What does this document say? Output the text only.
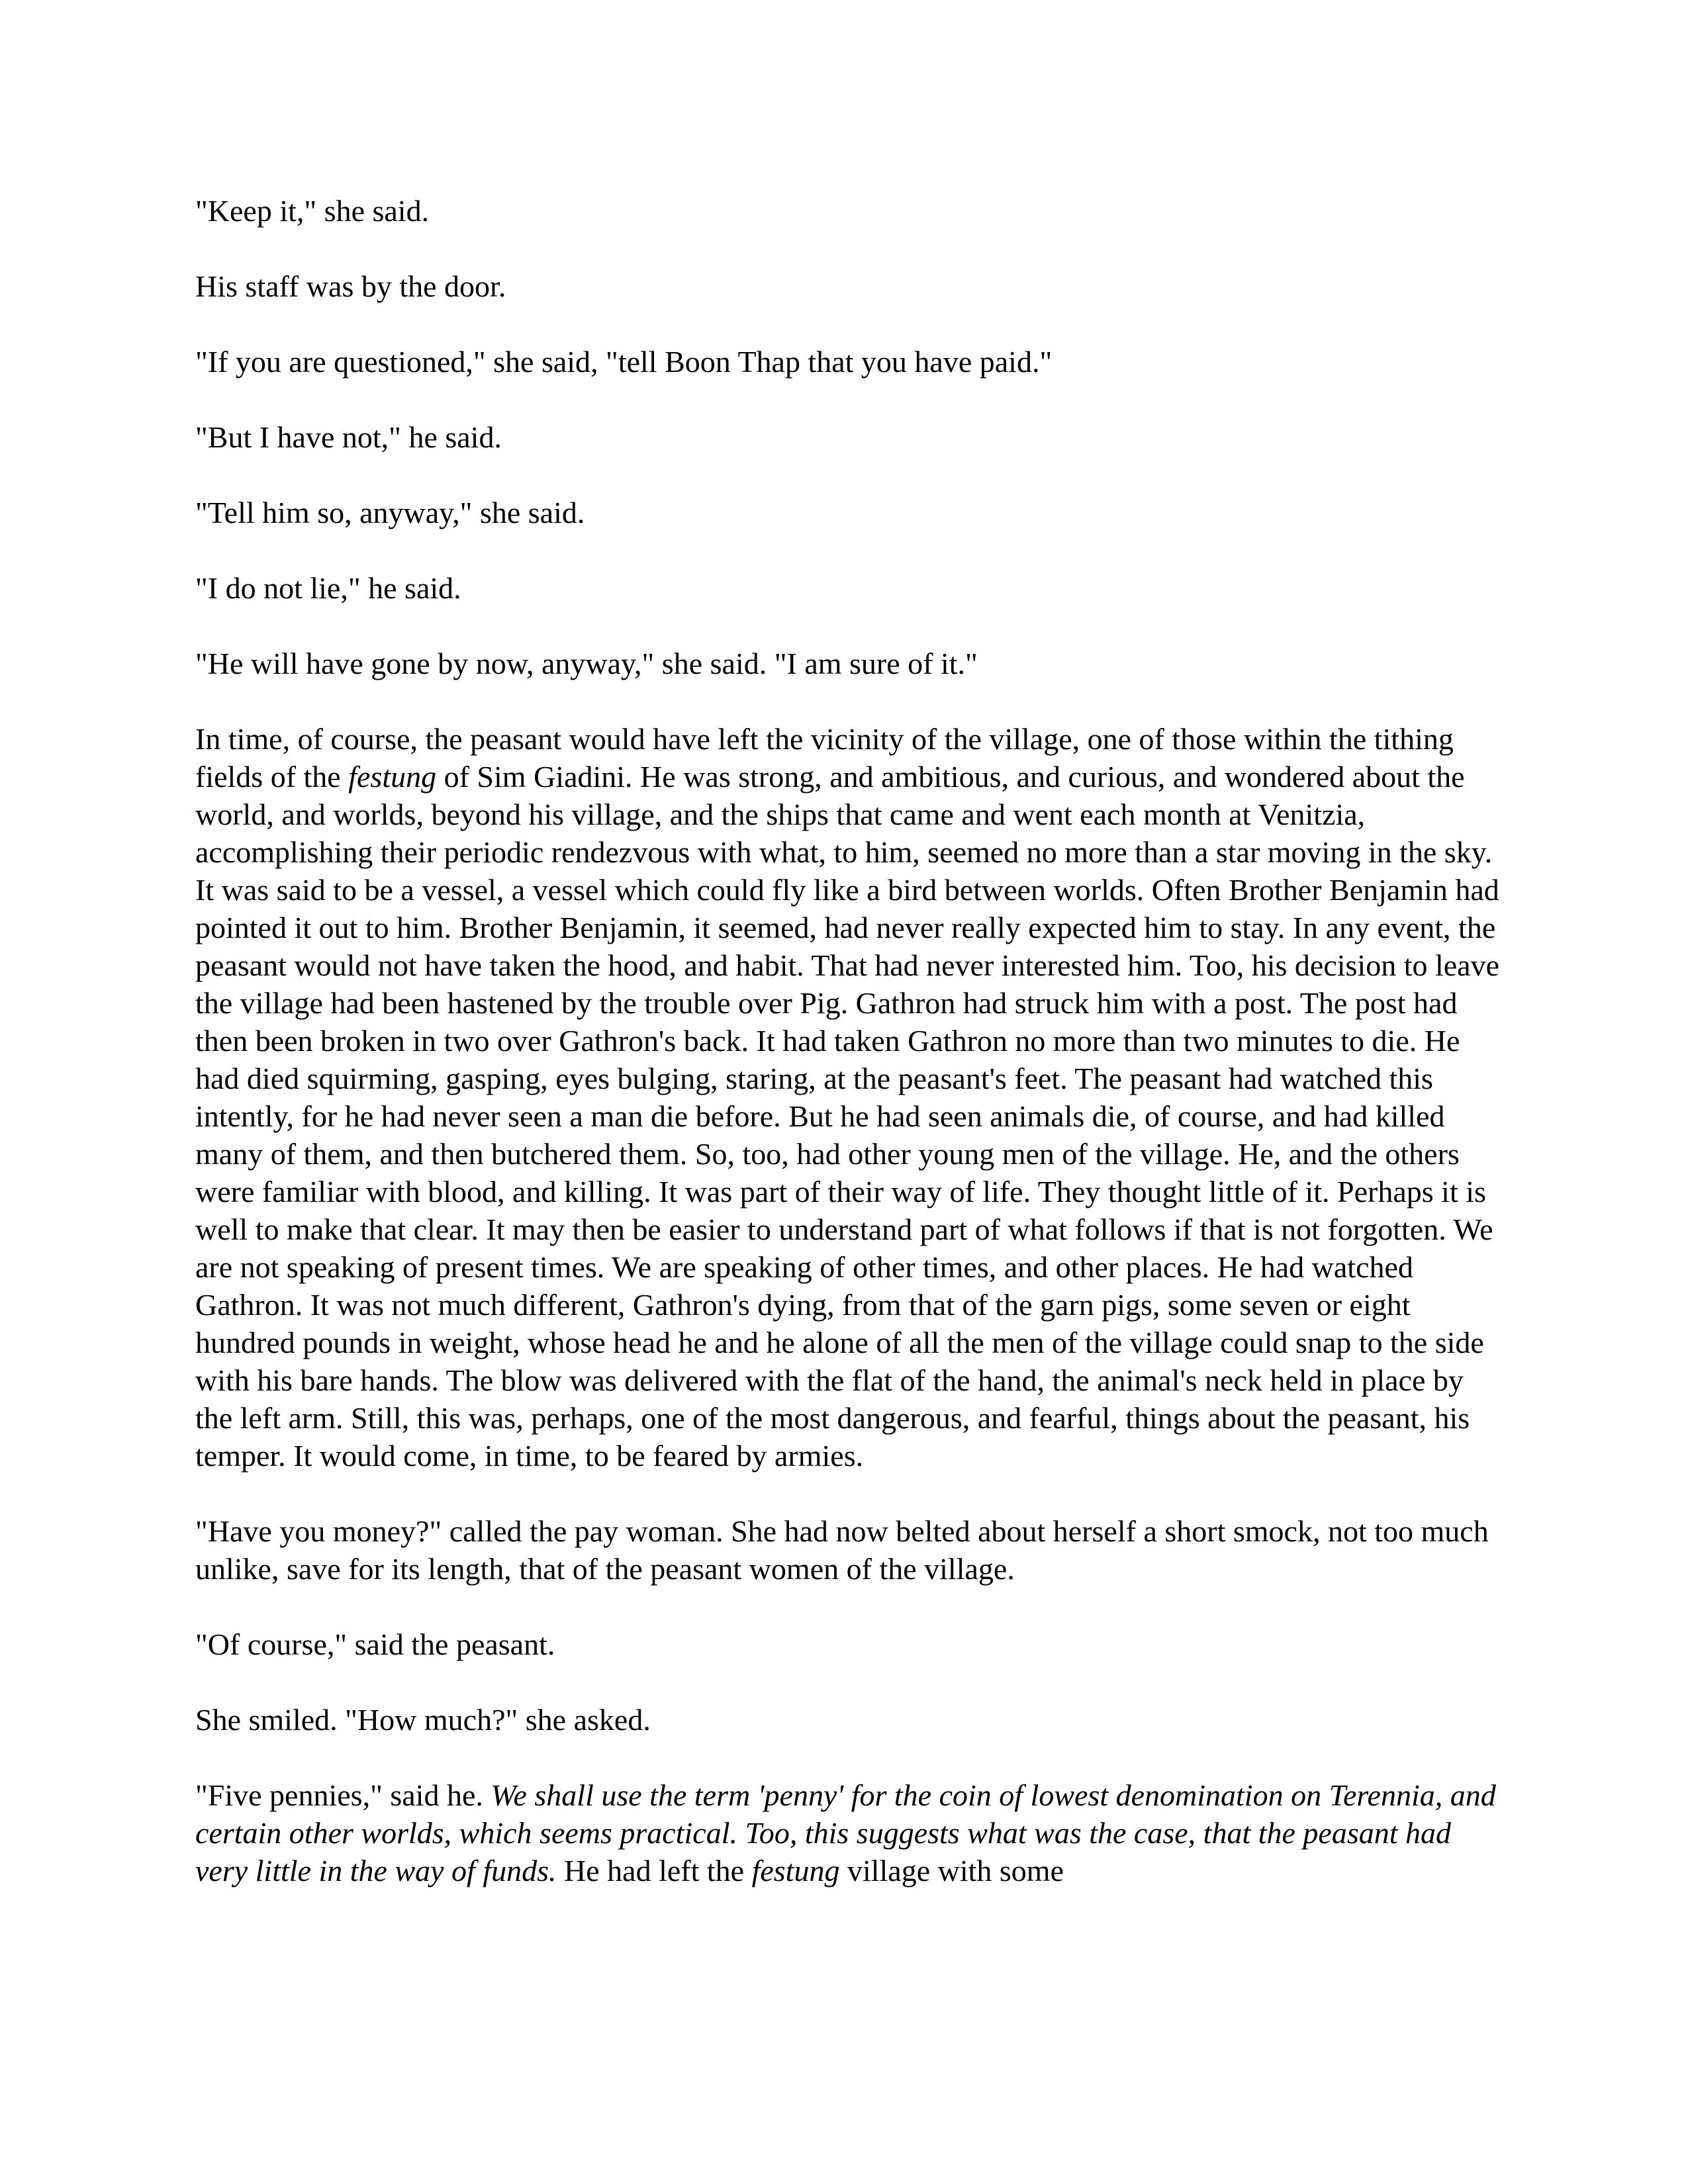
"Keep it," she said.

His staff was by the door.

"If you are questioned," she said, "tell Boon Thap that you have paid."

"But I have not," he said.

"Tell him so, anyway," she said.

"I do not lie," he said.

"He will have gone by now, anyway," she said. "I am sure of it."

In time, of course, the peasant would have left the vicinity of the village, one of those within the tithing fields of the festung of Sim Giadini. He was strong, and ambitious, and curious, and wondered about the world, and worlds, beyond his village, and the ships that came and went each month at Venitzia, accomplishing their periodic rendezvous with what, to him, seemed no more than a star moving in the sky. It was said to be a vessel, a vessel which could fly like a bird between worlds. Often Brother Benjamin had pointed it out to him. Brother Benjamin, it seemed, had never really expected him to stay. In any event, the peasant would not have taken the hood, and habit. That had never interested him. Too, his decision to leave the village had been hastened by the trouble over Pig. Gathron had struck him with a post. The post had then been broken in two over Gathron's back. It had taken Gathron no more than two minutes to die. He had died squirming, gasping, eyes bulging, staring, at the peasant's feet. The peasant had watched this intently, for he had never seen a man die before. But he had seen animals die, of course, and had killed many of them, and then butchered them. So, too, had other young men of the village. He, and the others were familiar with blood, and killing. It was part of their way of life. They thought little of it. Perhaps it is well to make that clear. It may then be easier to understand part of what follows if that is not forgotten. We are not speaking of present times. We are speaking of other times, and other places. He had watched Gathron. It was not much different, Gathron's dying, from that of the garn pigs, some seven or eight hundred pounds in weight, whose head he and he alone of all the men of the village could snap to the side with his bare hands. The blow was delivered with the flat of the hand, the animal's neck held in place by the left arm. Still, this was, perhaps, one of the most dangerous, and fearful, things about the peasant, his temper. It would come, in time, to be feared by armies.

"Have you money?" called the pay woman. She had now belted about herself a short smock, not too much unlike, save for its length, that of the peasant women of the village.

"Of course," said the peasant.

She smiled. "How much?" she asked.

"Five pennies," said he. We shall use the term 'penny' for the coin of lowest denomination on Terennia, and certain other worlds, which seems practical. Too, this suggests what was the case, that the peasant had very little in the way of funds. He had left the festung village with some
